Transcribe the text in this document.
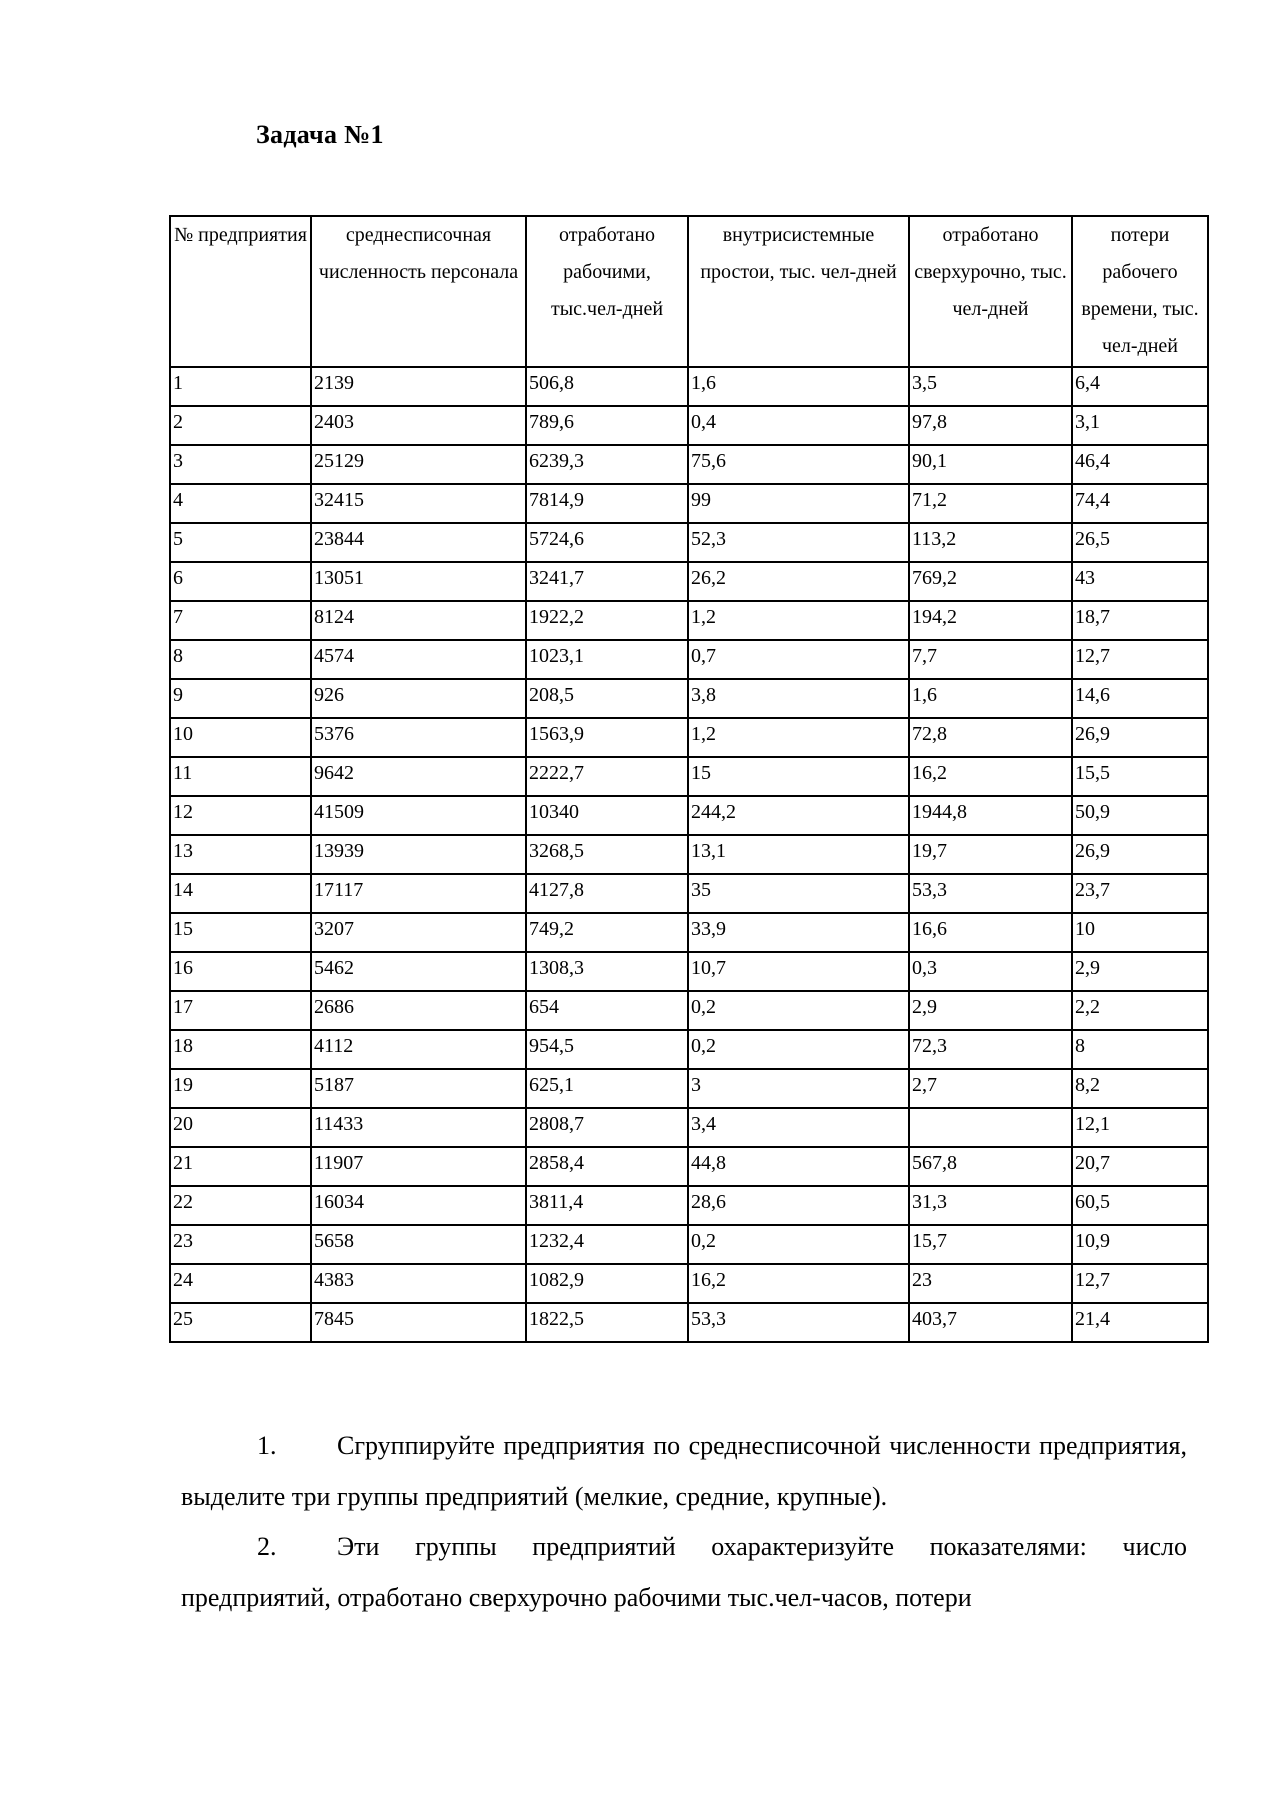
Задача №1
№ предприятия	среднесписочная численность персонала	отработано рабочими, тыс.чел-дней	внутрисистемные простои, тыс. чел-дней	отработано сверхурочно, тыс. чел-дней	потери рабочего времени, тыс. чел-дней
1	2139	506,8	1,6	3,5	6,4
2	2403	789,6	0,4	97,8	3,1
3	25129	6239,3	75,6	90,1	46,4
4	32415	7814,9	99	71,2	74,4
5	23844	5724,6	52,3	113,2	26,5
6	13051	3241,7	26,2	769,2	43
7	8124	1922,2	1,2	194,2	18,7
8	4574	1023,1	0,7	7,7	12,7
9	926	208,5	3,8	1,6	14,6
10	5376	1563,9	1,2	72,8	26,9
11	9642	2222,7	15	16,2	15,5
12	41509	10340	244,2	1944,8	50,9
13	13939	3268,5	13,1	19,7	26,9
14	17117	4127,8	35	53,3	23,7
15	3207	749,2	33,9	16,6	10
16	5462	1308,3	10,7	0,3	2,9
17	2686	654	0,2	2,9	2,2
18	4112	954,5	0,2	72,3	8
19	5187	625,1	3	2,7	8,2
20	11433	2808,7	3,4		12,1
21	11907	2858,4	44,8	567,8	20,7
22	16034	3811,4	28,6	31,3	60,5
23	5658	1232,4	0,2	15,7	10,9
24	4383	1082,9	16,2	23	12,7
25	7845	1822,5	53,3	403,7	21,4

1. Сгруппируйте предприятия по среднесписочной численности предприятия, выделите три группы предприятий (мелкие, средние, крупные).

2. Эти группы предприятий охарактеризуйте показателями: число предприятий, отработано сверхурочно рабочими тыс.чел-часов, потери
